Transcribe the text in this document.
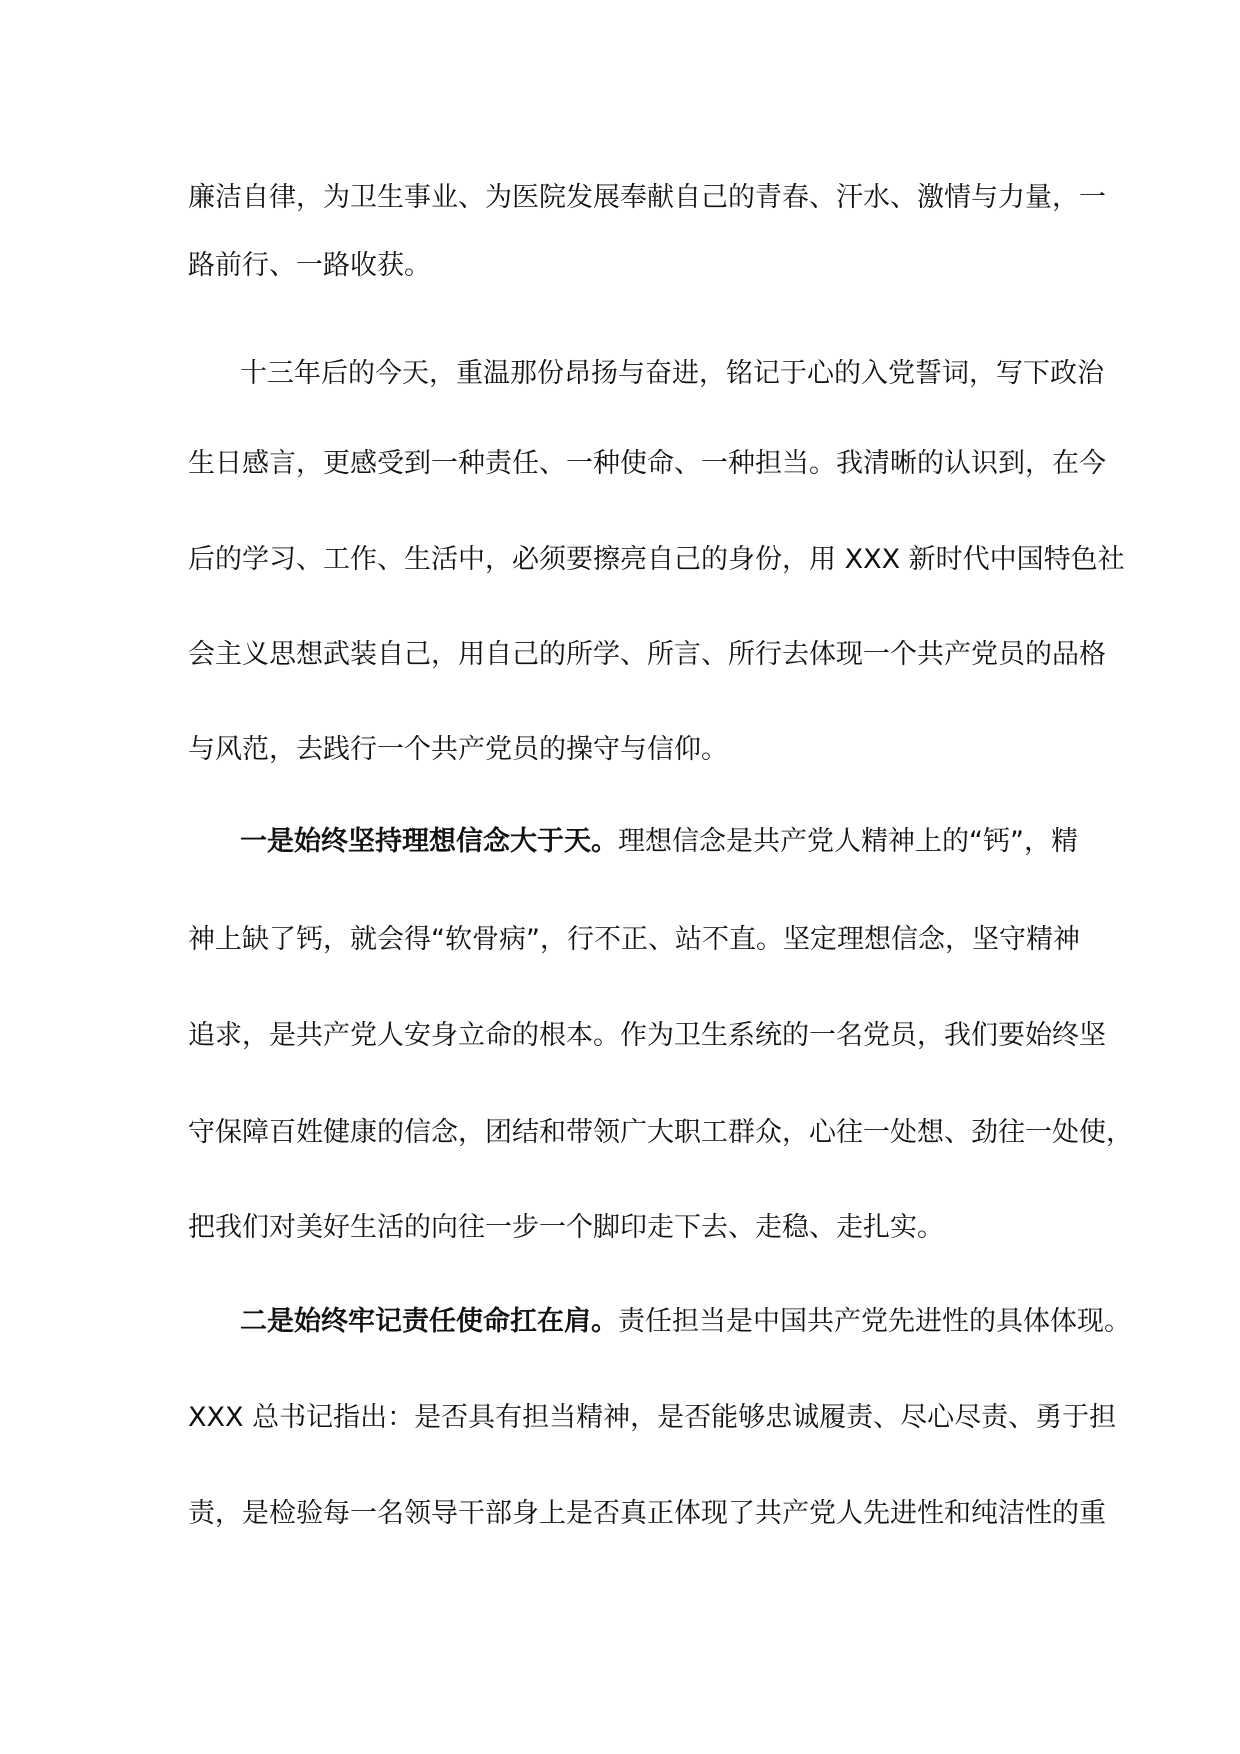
廉洁自律，为卫生事业、为医院发展奉献自己的青春、汗水、激情与力量，一
路前行、一路收获。
十三年后的今天，重温那份昂扬与奋进，铭记于心的入党誓词，写下政治
生日感言，更感受到一种责任、一种使命、一种担当。我清晰的认识到，在今
后的学习、工作、生活中，必须要擦亮自己的身份，用 XXX 新时代中国特色社
会主义思想武装自己，用自己的所学、所言、所行去体现一个共产党员的品格
与风范，去践行一个共产党员的操守与信仰。
一是始终坚持理想信念大于天。理想信念是共产党人精神上的“钙”，精
神上缺了钙，就会得“软骨病”，行不正、站不直。坚定理想信念，坚守精神
追求，是共产党人安身立命的根本。作为卫生系统的一名党员，我们要始终坚
守保障百姓健康的信念，团结和带领广大职工群众，心往一处想、劲往一处使，
把我们对美好生活的向往一步一个脚印走下去、走稳、走扎实。
二是始终牢记责任使命扛在肩。责任担当是中国共产党先进性的具体体现。
XXX 总书记指出：是否具有担当精神，是否能够忠诚履责、尽心尽责、勇于担
责，是检验每一名领导干部身上是否真正体现了共产党人先进性和纯洁性的重
